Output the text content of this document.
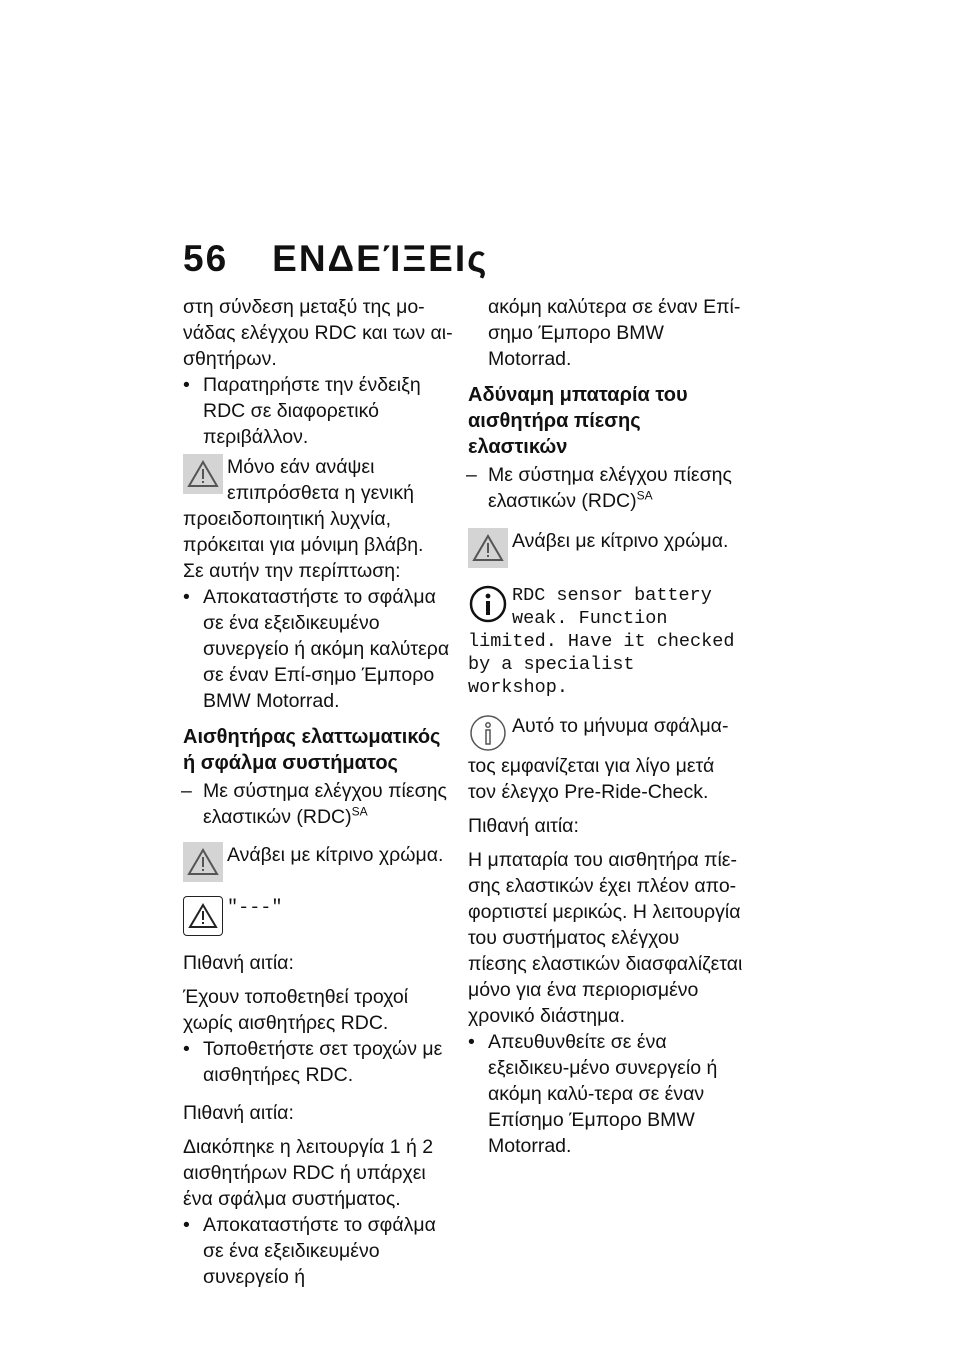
56 ΕΝΔΕΊΞΕΙς

στη σύνδεση μεταξύ της μο-νάδας ελέγχου RDC και των αι-σθητήρων.

• Παρατηρήστε την ένδειξη RDC σε διαφορετικό περιβάλλον.

Μόνο εάν ανάψει επιπρόσθετα η γενική

προειδοποιητική λυχνία, πρόκειται για μόνιμη βλάβη.

Σε αυτήν την περίπτωση:

• Αποκαταστήστε το σφάλμα σε ένα εξειδικευμένο συνεργείο ή ακόμη καλύτερα σε έναν Επί-σημο Έμπορο BMW Motorrad.

Αισθητήρας ελαττωματικός ή σφάλμα συστήματος

– Με σύστημα ελέγχου πίεσης ελαστικών (RDC)$^{SA}$

Ανάβει με κίτρινο χρώμα.

"---"

Πιθανή αιτία:

Έχουν τοποθετηθεί τροχοί χωρίς αισθητήρες RDC.

• Τοποθετήστε σετ τροχών με αισθητήρες RDC.

Πιθανή αιτία:

Διακόπηκε η λειτουργία 1 ή 2 αισθητήρων RDC ή υπάρχει ένα σφάλμα συστήματος.

• Αποκαταστήστε το σφάλμα σε ένα εξειδικευμένο συνεργείο ή

ακόμη καλύτερα σε έναν Επί-σημο Έμπορο BMW Motorrad.

Αδύναμη μπαταρία του αισθητήρα πίεσης ελαστικών

– Με σύστημα ελέγχου πίεσης ελαστικών (RDC)$^{SA}$

Ανάβει με κίτρινο χρώμα.

RDC sensor battery weak. Function

limited. Have it checked by a specialist workshop.

Αυτό το μήνυμα σφάλμα-

τος εμφανίζεται για λίγο μετά τον έλεγχο Pre-Ride-Check.

Πιθανή αιτία:

Η μπαταρία του αισθητήρα πίε-σης ελαστικών έχει πλέον απο-φορτιστεί μερικώς. Η λειτουργία του συστήματος ελέγχου πίεσης ελαστικών διασφαλίζεται μόνο για ένα περιορισμένο χρονικό διάστημα.

• Απευθυνθείτε σε ένα εξειδικευ-μένο συνεργείο ή ακόμη καλύ-τερα σε έναν Επίσημο Έμπορο BMW Motorrad.
